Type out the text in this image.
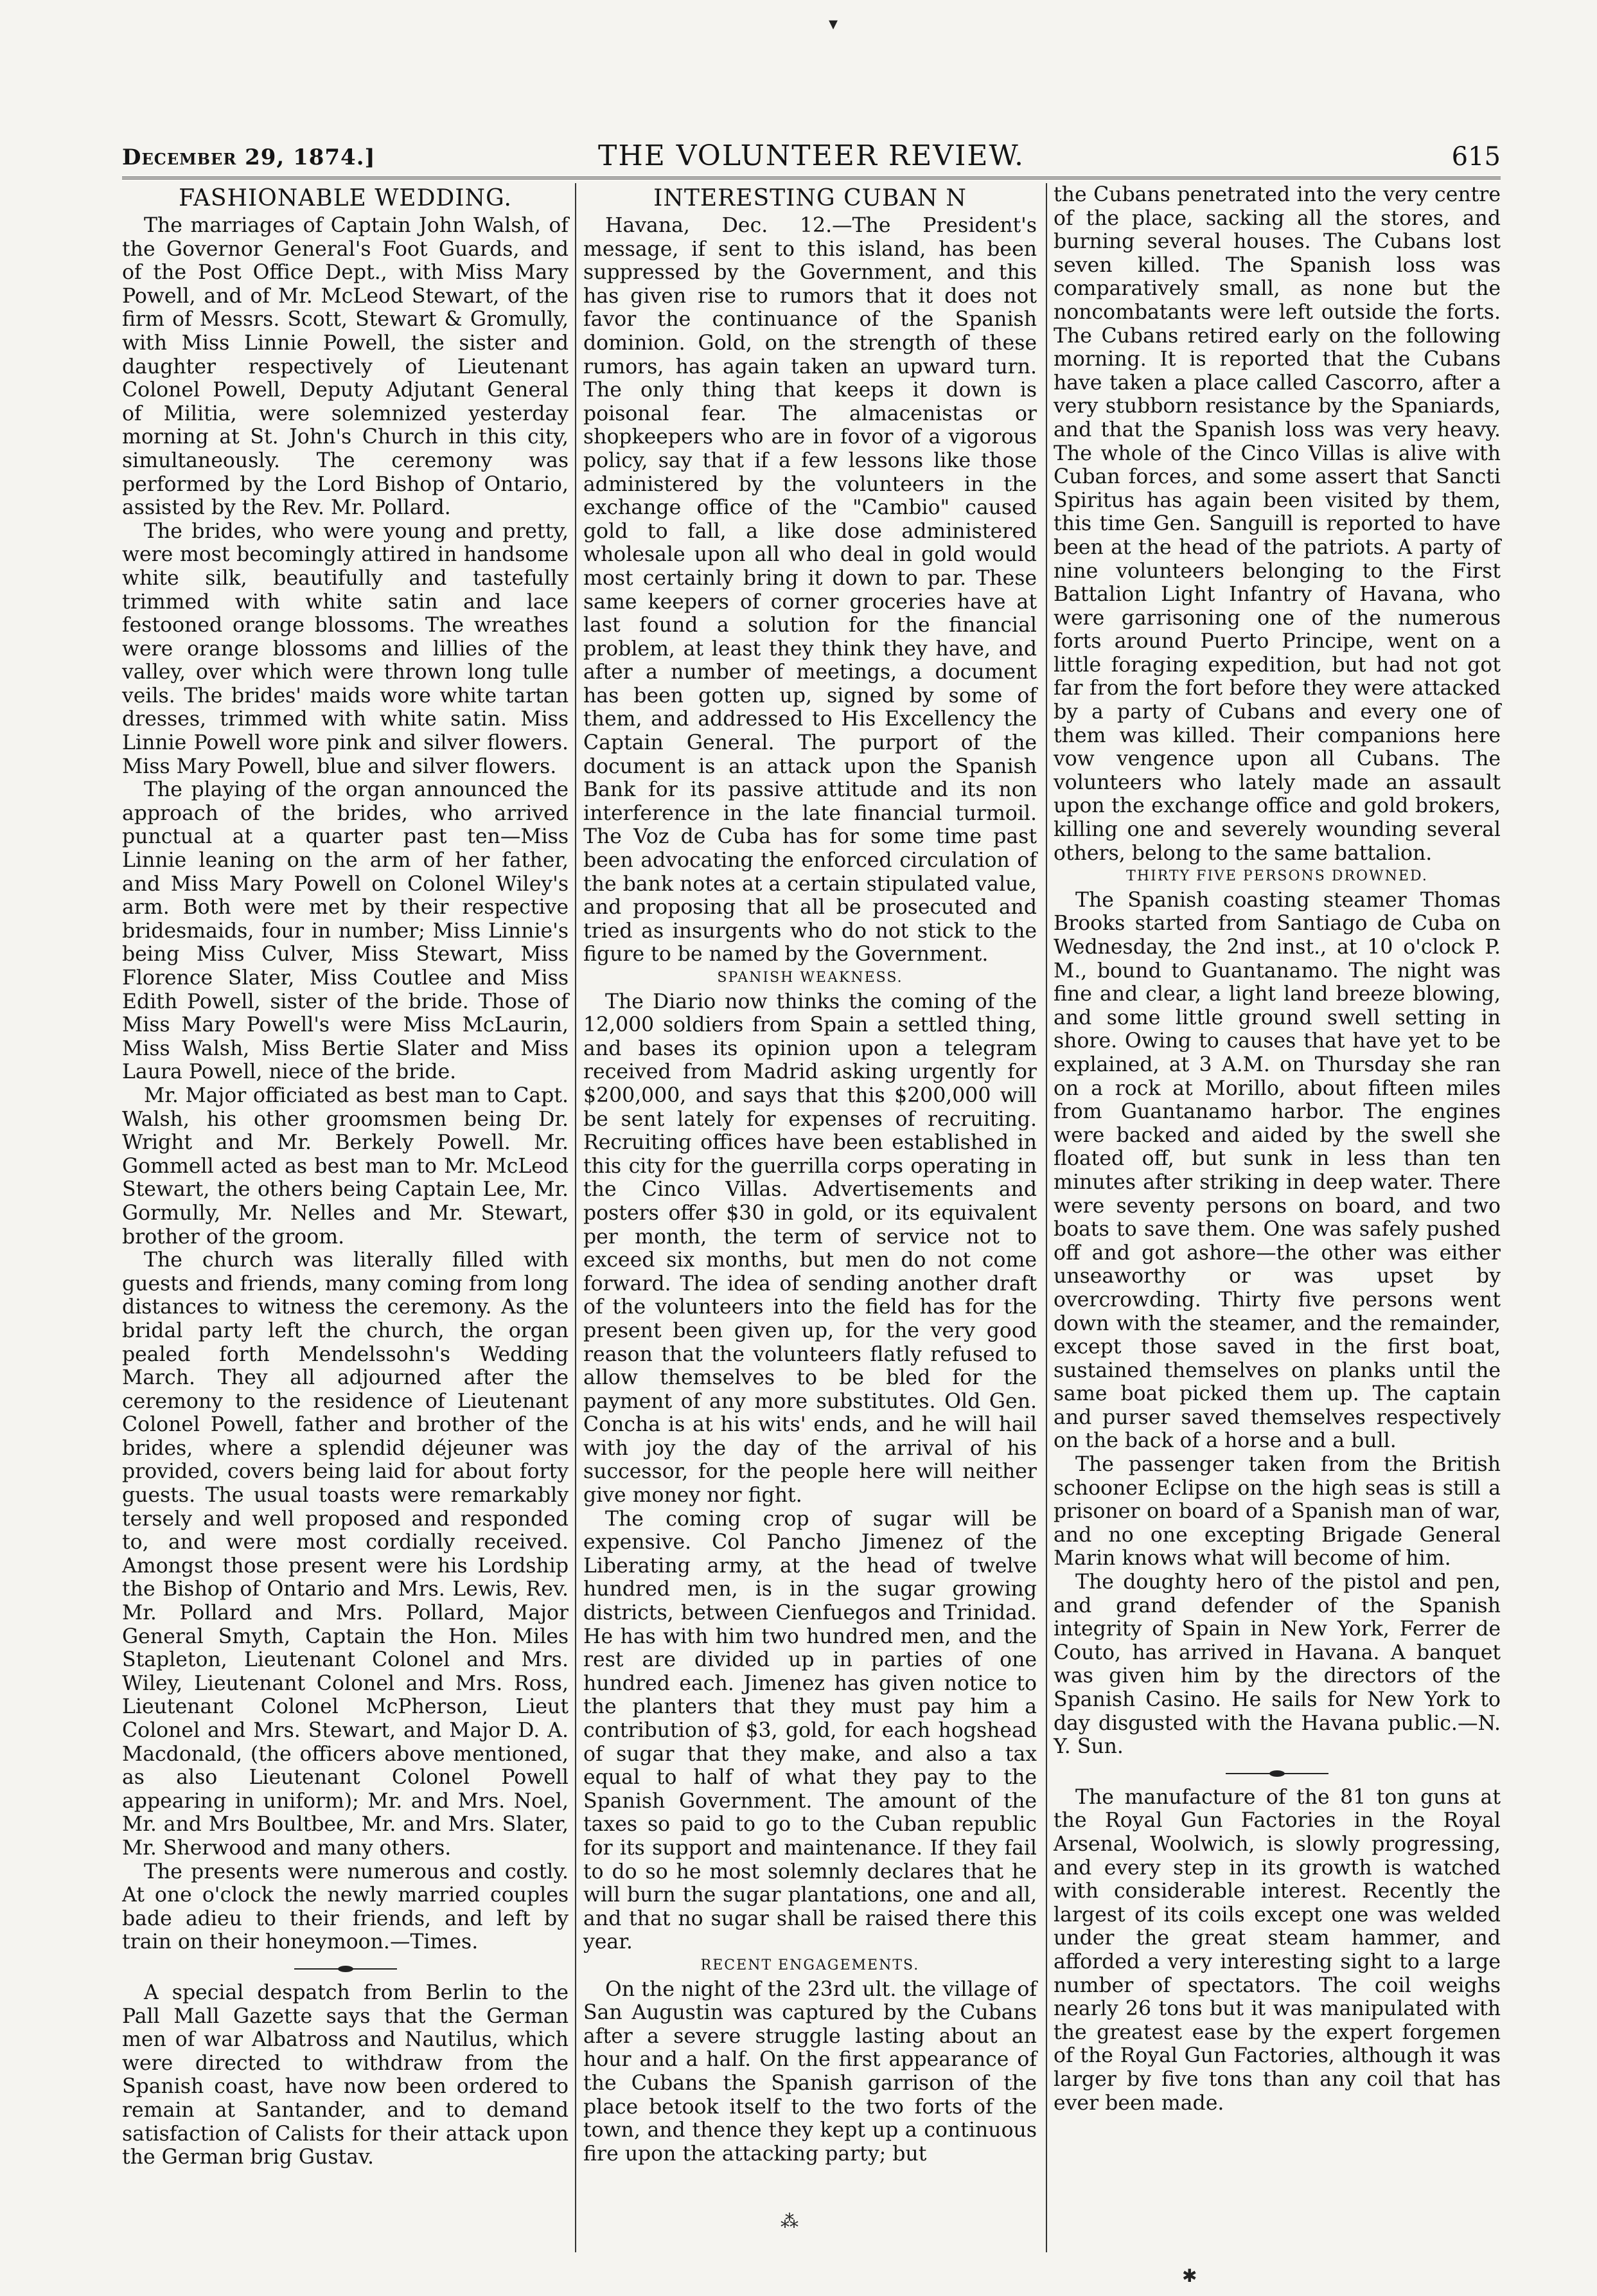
December 29, 1874.]	THE VOLUNTEER REVIEW.	615

FASHIONABLE WEDDING.

The marriages of Captain John Walsh, of the Governor General's Foot Guards, and of the Post Office Dept., with Miss Mary Powell, and of Mr. McLeod Stewart, of the firm of Messrs. Scott, Stewart & Gromully, with Miss Linnie Powell, the sister and daughter respectively of Lieutenant Colonel Powell, Deputy Adjutant General of Militia, were solemnized yesterday morning at St. John's Church in this city, simultaneously. The ceremony was performed by the Lord Bishop of Ontario, assisted by the Rev. Mr. Pollard.

The brides, who were young and pretty, were most becomingly attired in handsome white silk, beautifully and tastefully trimmed with white satin and lace festooned orange blossoms. The wreathes were orange blossoms and lillies of the valley, over which were thrown long tulle veils. The brides' maids wore white tartan dresses, trimmed with white satin. Miss Linnie Powell wore pink and silver flowers. Miss Mary Powell, blue and silver flowers.

The playing of the organ announced the approach of the brides, who arrived punctual at a quarter past ten—Miss Linnie leaning on the arm of her father, and Miss Mary Powell on Colonel Wiley's arm. Both were met by their respective bridesmaids, four in number; Miss Linnie's being Miss Culver, Miss Stewart, Miss Florence Slater, Miss Coutlee and Miss Edith Powell, sister of the bride. Those of Miss Mary Powell's were Miss McLaurin, Miss Walsh, Miss Bertie Slater and Miss Laura Powell, niece of the bride.

Mr. Major officiated as best man to Capt. Walsh, his other groomsmen being Dr. Wright and Mr. Berkely Powell. Mr. Gommell acted as best man to Mr. McLeod Stewart, the others being Captain Lee, Mr. Gormully, Mr. Nelles and Mr. Stewart, brother of the groom.

The church was literally filled with guests and friends, many coming from long distances to witness the ceremony. As the bridal party left the church, the organ pealed forth Mendelssohn's Wedding March. They all adjourned after the ceremony to the residence of Lieutenant Colonel Powell, father and brother of the brides, where a splendid déjeuner was provided, covers being laid for about forty guests. The usual toasts were remarkably tersely and well proposed and responded to, and were most cordially received. Amongst those present were his Lordship the Bishop of Ontario and Mrs. Lewis, Rev. Mr. Pollard and Mrs. Pollard, Major General Smyth, Captain the Hon. Miles Stapleton, Lieutenant Colonel and Mrs. Wiley, Lieutenant Colonel and Mrs. Ross, Lieutenant Colonel McPherson, Lieut Colonel and Mrs. Stewart, and Major D. A. Macdonald, (the officers above mentioned, as also Lieutenant Colonel Powell appearing in uniform); Mr. and Mrs. Noel, Mr. and Mrs Boultbee, Mr. and Mrs. Slater, Mr. Sherwood and many others.

The presents were numerous and costly. At one o'clock the newly married couples bade adieu to their friends, and left by train on their honeymoon.—Times.

A special despatch from Berlin to the Pall Mall Gazette says that the German men of war Albatross and Nautilus, which were directed to withdraw from the Spanish coast, have now been ordered to remain at Santander, and to demand satisfaction of Calists for their attack upon the German brig Gustav.

INTERESTING CUBAN N

Havana, Dec. 12.—The President's message, if sent to this island, has been suppressed by the Government, and this has given rise to rumors that it does not favor the continuance of the Spanish dominion. Gold, on the strength of these rumors, has again taken an upward turn. The only thing that keeps it down is poisonal fear. The almacenistas or shopkeepers who are in fovor of a vigorous policy, say that if a few lessons like those administered by the volunteers in the exchange office of the "Cambio" caused gold to fall, a like dose administered wholesale upon all who deal in gold would most certainly bring it down to par. These same keepers of corner groceries have at last found a solution for the financial problem, at least they think they have, and after a number of meetings, a document has been gotten up, signed by some of them, and addressed to His Excellency the Captain General. The purport of the document is an attack upon the Spanish Bank for its passive attitude and its non interference in the late financial turmoil. The Voz de Cuba has for some time past been advocating the enforced circulation of the bank notes at a certain stipulated value, and proposing that all be prosecuted and tried as insurgents who do not stick to the figure to be named by the Government.

SPANISH WEAKNESS.

The Diario now thinks the coming of the 12,000 soldiers from Spain a settled thing, and bases its opinion upon a telegram received from Madrid asking urgently for $200,000, and says that this $200,000 will be sent lately for expenses of recruiting. Recruiting offices have been established in this city for the guerrilla corps operating in the Cinco Villas. Advertisements and posters offer $30 in gold, or its equivalent per month, the term of service not to exceed six months, but men do not come forward. The idea of sending another draft of the volunteers into the field has for the present been given up, for the very good reason that the volunteers flatly refused to allow themselves to be bled for the payment of any more substitutes. Old Gen. Concha is at his wits' ends, and he will hail with joy the day of the arrival of his successor, for the people here will neither give money nor fight.

The coming crop of sugar will be expensive. Col Pancho Jimenez of the Liberating army, at the head of twelve hundred men, is in the sugar growing districts, between Cienfuegos and Trinidad. He has with him two hundred men, and the rest are divided up in parties of one hundred each. Jimenez has given notice to the planters that they must pay him a contribution of $3, gold, for each hogshead of sugar that they make, and also a tax equal to half of what they pay to the Spanish Government. The amount of the taxes so paid to go to the Cuban republic for its support and maintenance. If they fail to do so he most solemnly declares that he will burn the sugar plantations, one and all, and that no sugar shall be raised there this year.

RECENT ENGAGEMENTS.

On the night of the 23rd ult. the village of San Augustin was captured by the Cubans after a severe struggle lasting about an hour and a half. On the first appearance of the Cubans the Spanish garrison of the place betook itself to the two forts of the town, and thence they kept up a continuous fire upon the attacking party; but

the Cubans penetrated into the very centre of the place, sacking all the stores, and burning several houses. The Cubans lost seven killed. The Spanish loss was comparatively small, as none but the noncombatants were left outside the forts. The Cubans retired early on the following morning. It is reported that the Cubans have taken a place called Cascorro, after a very stubborn resistance by the Spaniards, and that the Spanish loss was very heavy. The whole of the Cinco Villas is alive with Cuban forces, and some assert that Sancti Spiritus has again been visited by them, this time Gen. Sanguill is reported to have been at the head of the patriots. A party of nine volunteers belonging to the First Battalion Light Infantry of Havana, who were garrisoning one of the numerous forts around Puerto Principe, went on a little foraging expedition, but had not got far from the fort before they were attacked by a party of Cubans and every one of them was killed. Their companions here vow vengence upon all Cubans. The volunteers who lately made an assault upon the exchange office and gold brokers, killing one and severely wounding several others, belong to the same battalion.

THIRTY FIVE PERSONS DROWNED.

The Spanish coasting steamer Thomas Brooks started from Santiago de Cuba on Wednesday, the 2nd inst., at 10 o'clock P. M., bound to Guantanamo. The night was fine and clear, a light land breeze blowing, and some little ground swell setting in shore. Owing to causes that have yet to be explained, at 3 A.M. on Thursday she ran on a rock at Morillo, about fifteen miles from Guantanamo harbor. The engines were backed and aided by the swell she floated off, but sunk in less than ten minutes after striking in deep water. There were seventy persons on board, and two boats to save them. One was safely pushed off and got ashore—the other was either unseaworthy or was upset by overcrowding. Thirty five persons went down with the steamer, and the remainder, except those saved in the first boat, sustained themselves on planks until the same boat picked them up. The captain and purser saved themselves respectively on the back of a horse and a bull.

The passenger taken from the British schooner Eclipse on the high seas is still a prisoner on board of a Spanish man of war, and no one excepting Brigade General Marin knows what will become of him.

The doughty hero of the pistol and pen, and grand defender of the Spanish integrity of Spain in New York, Ferrer de Couto, has arrived in Havana. A banquet was given him by the directors of the Spanish Casino. He sails for New York to day disgusted with the Havana public.—N. Y. Sun.

The manufacture of the 81 ton guns at the Royal Gun Factories in the Royal Arsenal, Woolwich, is slowly progressing, and every step in its growth is watched with considerable interest. Recently the largest of its coils except one was welded under the great steam hammer, and afforded a very interesting sight to a large number of spectators. The coil weighs nearly 26 tons but it was manipulated with the greatest ease by the expert forgemen of the Royal Gun Factories, although it was larger by five tons than any coil that has ever been made.

▾
⁂
✱
